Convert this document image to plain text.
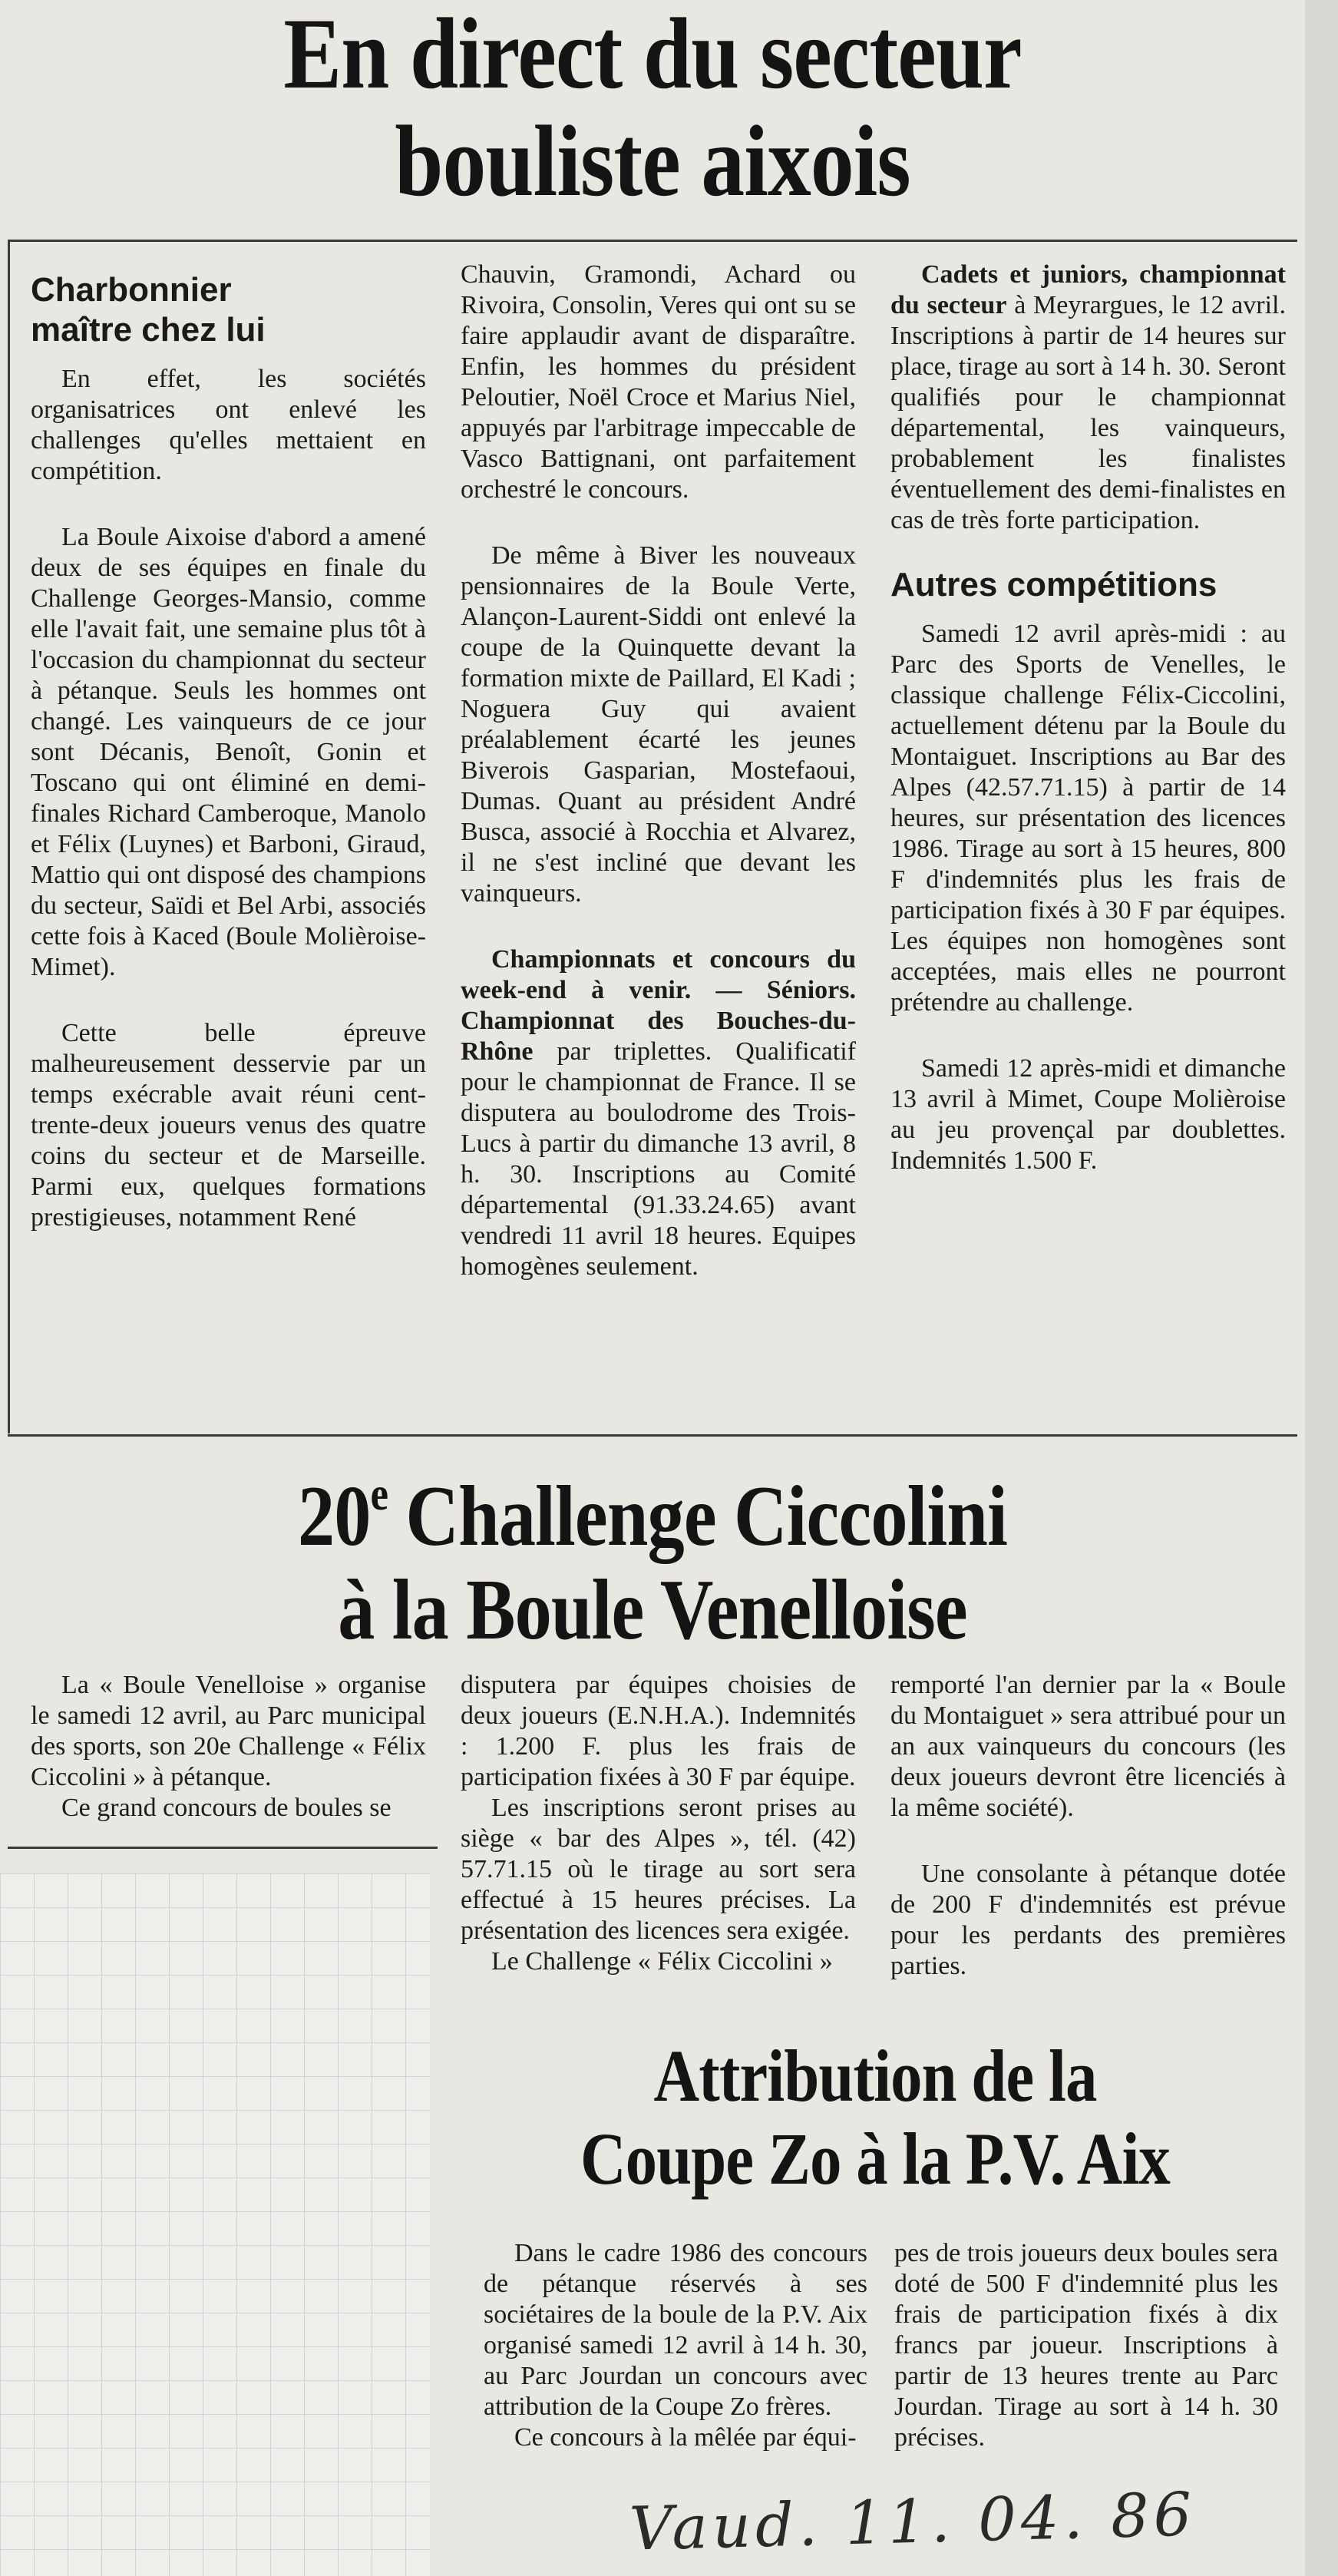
En direct du secteur
bouliste aixois
Charbonnier
maître chez lui

En effet, les sociétés organisatrices ont enlevé les challenges qu'elles mettaient en compétition.

La Boule Aixoise d'abord a amené deux de ses équipes en finale du Challenge Georges-Mansio, comme elle l'avait fait, une semaine plus tôt à l'occasion du championnat du secteur à pétanque. Seuls les hommes ont changé. Les vainqueurs de ce jour sont Décanis, Benoît, Gonin et Toscano qui ont éliminé en demi-finales Richard Camberoque, Manolo et Félix (Luynes) et Barboni, Giraud, Mattio qui ont disposé des champions du secteur, Saïdi et Bel Arbi, associés cette fois à Kaced (Boule Molièroise-Mimet).

Cette belle épreuve malheureusement desservie par un temps exécrable avait réuni cent-trente-deux joueurs venus des quatre coins du secteur et de Marseille. Parmi eux, quelques formations prestigieuses, notamment René

Chauvin, Gramondi, Achard ou Rivoira, Consolin, Veres qui ont su se faire applaudir avant de disparaître. Enfin, les hommes du président Peloutier, Noël Croce et Marius Niel, appuyés par l'arbitrage impeccable de Vasco Battignani, ont parfaitement orchestré le concours.

De même à Biver les nouveaux pensionnaires de la Boule Verte, Alançon-Laurent-Siddi ont enlevé la coupe de la Quinquette devant la formation mixte de Paillard, El Kadi ; Noguera Guy qui avaient préalablement écarté les jeunes Biverois Gasparian, Mostefaoui, Dumas. Quant au président André Busca, associé à Rocchia et Alvarez, il ne s'est incliné que devant les vainqueurs.

Championnats et concours du week-end à venir. — Séniors. Championnat des Bouches-du-Rhône par triplettes. Qualificatif pour le championnat de France. Il se disputera au boulodrome des Trois-Lucs à partir du dimanche 13 avril, 8 h. 30. Inscriptions au Comité départemental (91.33.24.65) avant vendredi 11 avril 18 heures. Equipes homogènes seulement.

Cadets et juniors, championnat du secteur à Meyrargues, le 12 avril. Inscriptions à partir de 14 heures sur place, tirage au sort à 14 h. 30. Seront qualifiés pour le championnat départemental, les vainqueurs, probablement les finalistes éventuellement des demi-finalistes en cas de très forte participation.

Autres compétitions

Samedi 12 avril après-midi : au Parc des Sports de Venelles, le classique challenge Félix-Ciccolini, actuellement détenu par la Boule du Montaiguet. Inscriptions au Bar des Alpes (42.57.71.15) à partir de 14 heures, sur présentation des licences 1986. Tirage au sort à 15 heures, 800 F d'indemnités plus les frais de participation fixés à 30 F par équipes. Les équipes non homogènes sont acceptées, mais elles ne pourront prétendre au challenge.

Samedi 12 après-midi et dimanche 13 avril à Mimet, Coupe Molièroise au jeu provençal par doublettes. Indemnités 1.500 F.

20e Challenge Ciccolini
à la Boule Venelloise

La « Boule Venelloise » organise le samedi 12 avril, au Parc municipal des sports, son 20e Challenge « Félix Ciccolini » à pétanque.

Ce grand concours de boules se

disputera par équipes choisies de deux joueurs (E.N.H.A.). Indemnités : 1.200 F. plus les frais de participation fixées à 30 F par équipe.

Les inscriptions seront prises au siège « bar des Alpes », tél. (42) 57.71.15 où le tirage au sort sera effectué à 15 heures précises. La présentation des licences sera exigée.

Le Challenge « Félix Ciccolini »

remporté l'an dernier par la « Boule du Montaiguet » sera attribué pour un an aux vainqueurs du concours (les deux joueurs devront être licenciés à la même société).

Une consolante à pétanque dotée de 200 F d'indemnités est prévue pour les perdants des premières parties.

Attribution de la
Coupe Zo à la P.V. Aix

Dans le cadre 1986 des concours de pétanque réservés à ses sociétaires de la boule de la P.V. Aix organisé samedi 12 avril à 14 h. 30, au Parc Jourdan un concours avec attribution de la Coupe Zo frères.

Ce concours à la mêlée par équi-

pes de trois joueurs deux boules sera doté de 500 F d'indemnité plus les frais de participation fixés à dix francs par joueur. Inscriptions à partir de 13 heures trente au Parc Jourdan. Tirage au sort à 14 h. 30 précises.

Vaud. 11. 04. 86
